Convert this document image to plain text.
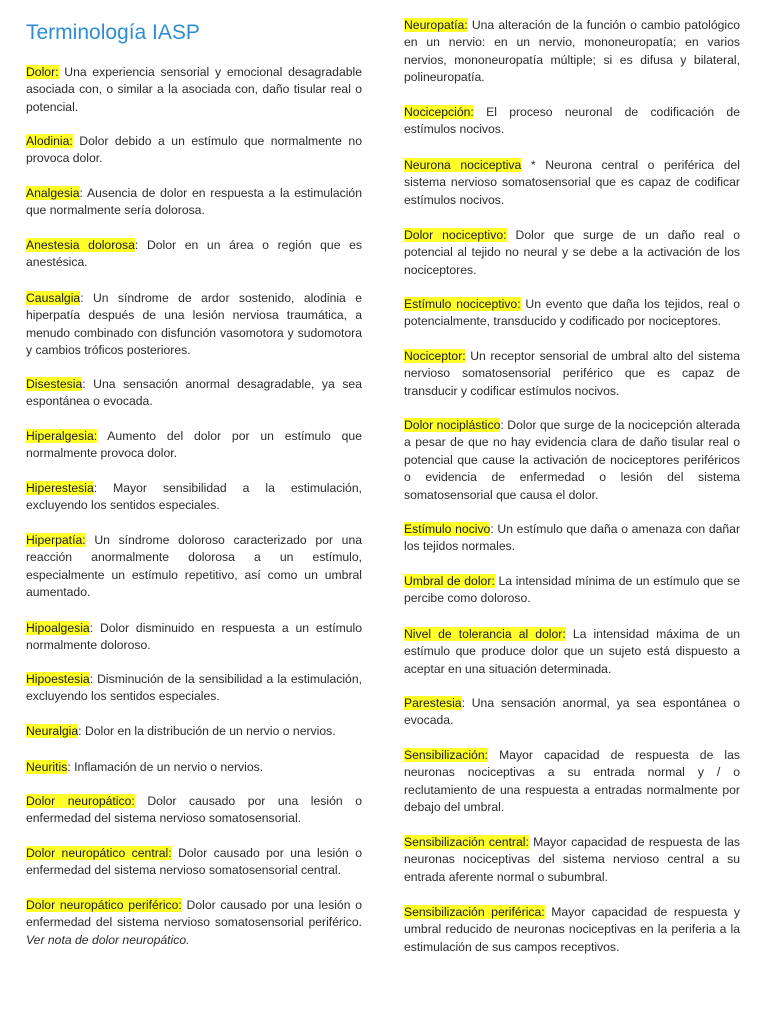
Terminología IASP

Dolor: Una experiencia sensorial y emocional desagradable asociada con, o similar a la asociada con, daño tisular real o potencial.

Alodinia: Dolor debido a un estímulo que normalmente no provoca dolor.

Analgesia: Ausencia de dolor en respuesta a la estimulación que normalmente sería dolorosa.

Anestesia dolorosa: Dolor en un área o región que es anestésica.

Causalgia: Un síndrome de ardor sostenido, alodinia e hiperpatía después de una lesión nerviosa traumática, a menudo combinado con disfunción vasomotora y sudomotora y cambios tróficos posteriores.

Disestesia: Una sensación anormal desagradable, ya sea espontánea o evocada.

Hiperalgesia: Aumento del dolor por un estímulo que normalmente provoca dolor.

Hiperestesia: Mayor sensibilidad a la estimulación, excluyendo los sentidos especiales.

Hiperpatía: Un síndrome doloroso caracterizado por una reacción anormalmente dolorosa a un estímulo, especialmente un estímulo repetitivo, así como un umbral aumentado.

Hipoalgesia: Dolor disminuido en respuesta a un estímulo normalmente doloroso.

Hipoestesia: Disminución de la sensibilidad a la estimulación, excluyendo los sentidos especiales.

Neuralgia: Dolor en la distribución de un nervio o nervios.

Neuritis: Inflamación de un nervio o nervios.

Dolor neuropático: Dolor causado por una lesión o enfermedad del sistema nervioso somatosensorial.

Dolor neuropático central: Dolor causado por una lesión o enfermedad del sistema nervioso somatosensorial central.

Dolor neuropático periférico: Dolor causado por una lesión o enfermedad del sistema nervioso somatosensorial periférico. Ver nota de dolor neuropático.

Neuropatía: Una alteración de la función o cambio patológico en un nervio: en un nervio, mononeuropatía; en varios nervios, mononeuropatía múltiple; si es difusa y bilateral, polineuropatía.

Nocicepción: El proceso neuronal de codificación de estímulos nocivos.

Neurona nociceptiva * Neurona central o periférica del sistema nervioso somatosensorial que es capaz de codificar estímulos nocivos.

Dolor nociceptivo: Dolor que surge de un daño real o potencial al tejido no neural y se debe a la activación de los nociceptores.

Estímulo nociceptivo: Un evento que daña los tejidos, real o potencialmente, transducido y codificado por nociceptores.

Nociceptor: Un receptor sensorial de umbral alto del sistema nervioso somatosensorial periférico que es capaz de transducir y codificar estímulos nocivos.

Dolor nociplástico: Dolor que surge de la nocicepción alterada a pesar de que no hay evidencia clara de daño tisular real o potencial que cause la activación de nociceptores periféricos o evidencia de enfermedad o lesión del sistema somatosensorial que causa el dolor.

Estímulo nocivo: Un estímulo que daña o amenaza con dañar los tejidos normales.

Umbral de dolor: La intensidad mínima de un estímulo que se percibe como doloroso.

Nivel de tolerancia al dolor: La intensidad máxima de un estímulo que produce dolor que un sujeto está dispuesto a aceptar en una situación determinada.

Parestesia: Una sensación anormal, ya sea espontánea o evocada.

Sensibilización: Mayor capacidad de respuesta de las neuronas nociceptivas a su entrada normal y / o reclutamiento de una respuesta a entradas normalmente por debajo del umbral.

Sensibilización central: Mayor capacidad de respuesta de las neuronas nociceptivas del sistema nervioso central a su entrada aferente normal o subumbral.

Sensibilización periférica: Mayor capacidad de respuesta y umbral reducido de neuronas nociceptivas en la periferia a la estimulación de sus campos receptivos.
